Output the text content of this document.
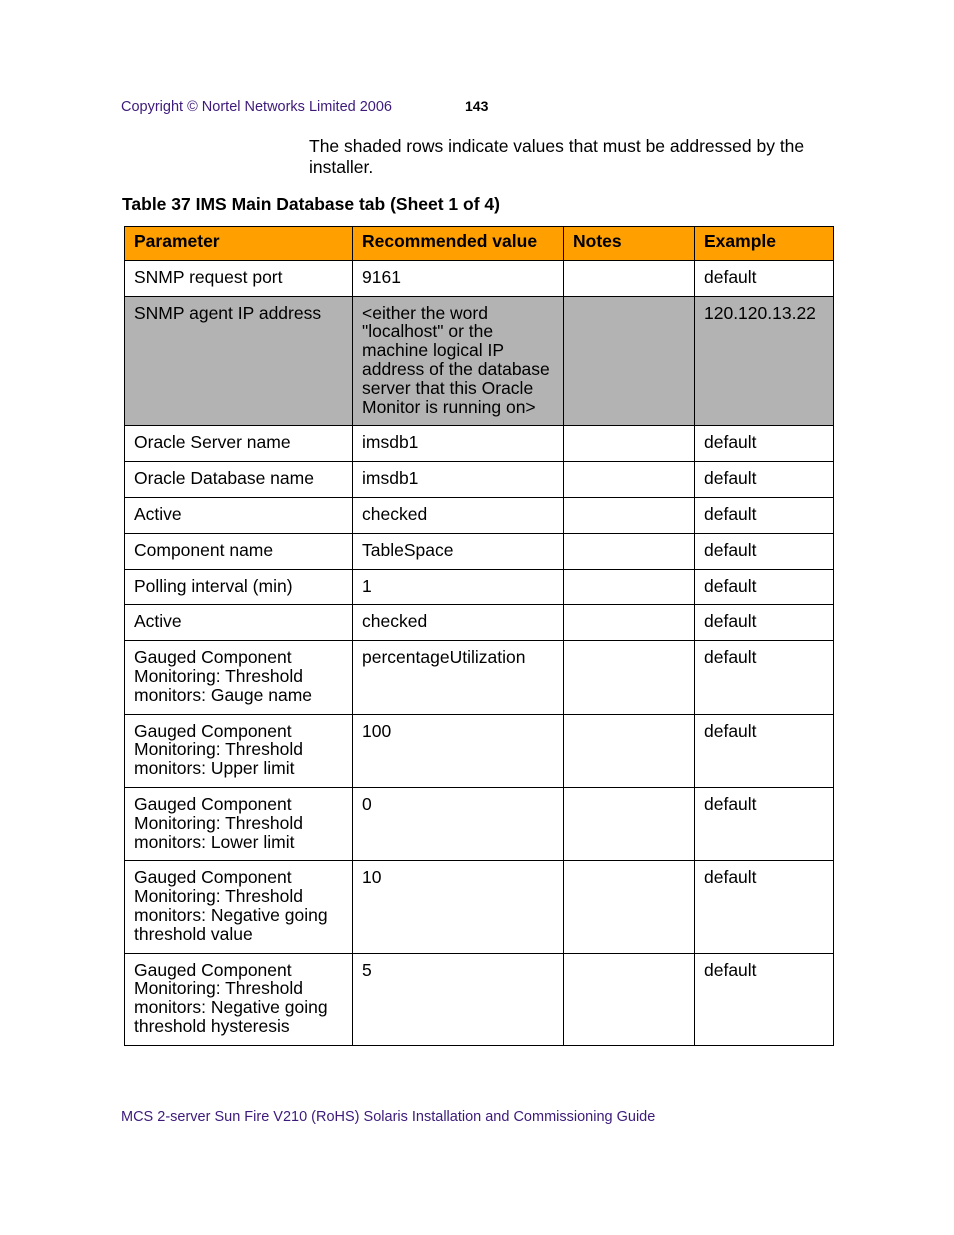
Copyright © Nortel Networks Limited 2006	143
The shaded rows indicate values that must be addressed by the installer.
Table 37 IMS Main Database tab (Sheet 1 of 4)
Parameter	Recommended value	Notes	Example
SNMP request port	9161		default
SNMP agent IP address	<either the word "localhost" or the machine logical IP address of the database server that this Oracle Monitor is running on>		120.120.13.22
Oracle Server name	imsdb1		default
Oracle Database name	imsdb1		default
Active	checked		default
Component name	TableSpace		default
Polling interval (min)	1		default
Active	checked		default
Gauged Component Monitoring: Threshold monitors: Gauge name	percentageUtilization		default
Gauged Component Monitoring: Threshold monitors: Upper limit	100		default
Gauged Component Monitoring: Threshold monitors: Lower limit	0		default
Gauged Component Monitoring: Threshold monitors: Negative going threshold value	10		default
Gauged Component Monitoring: Threshold monitors: Negative going threshold hysteresis	5		default
MCS 2-server Sun Fire V210 (RoHS) Solaris Installation and Commissioning Guide
